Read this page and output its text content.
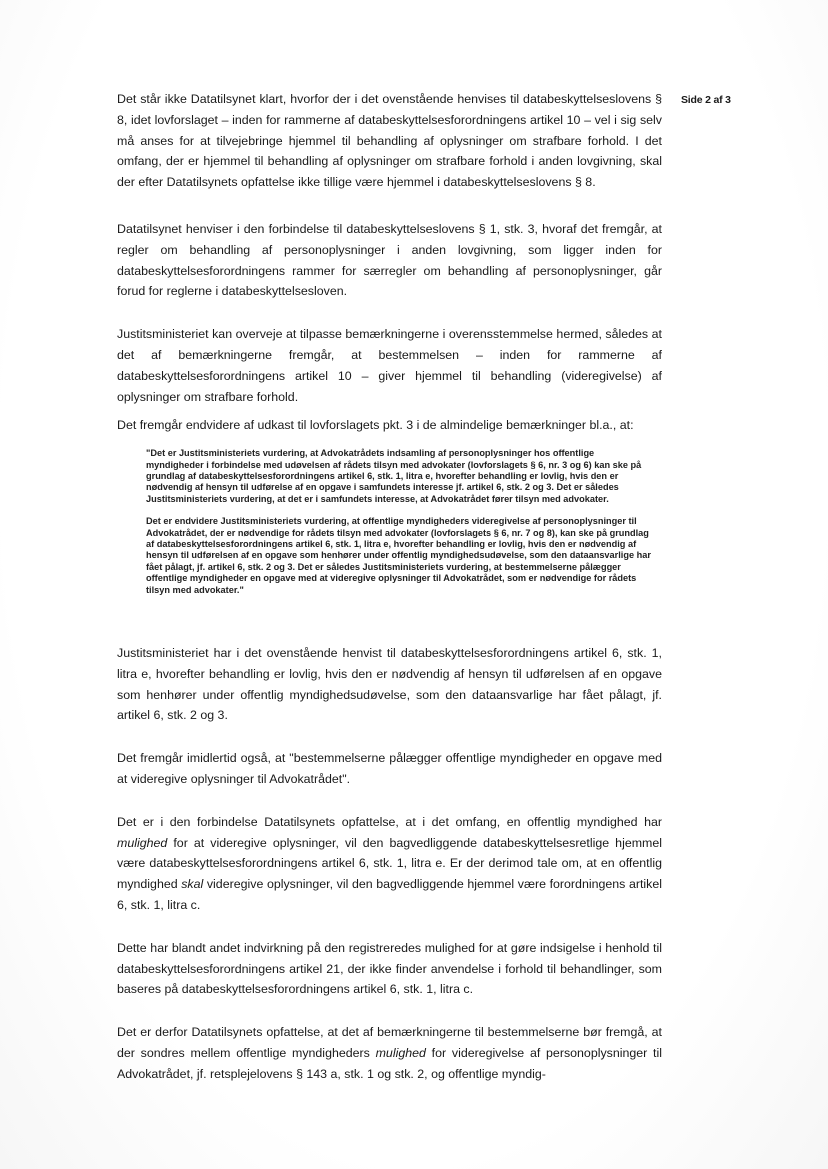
Side 2 af 3

Det står ikke Datatilsynet klart, hvorfor der i det ovenstående henvises til databeskyttelseslovens § 8, idet lovforslaget – inden for rammerne af databeskyttelsesforordningens artikel 10 – vel i sig selv må anses for at tilvejebringe hjemmel til behandling af oplysninger om strafbare forhold. I det omfang, der er hjemmel til behandling af oplysninger om strafbare forhold i anden lovgivning, skal der efter Datatilsynets opfattelse ikke tillige være hjemmel i databeskyttelseslovens § 8.

Datatilsynet henviser i den forbindelse til databeskyttelseslovens § 1, stk. 3, hvoraf det fremgår, at regler om behandling af personoplysninger i anden lovgivning, som ligger inden for databeskyttelsesforordningens rammer for særregler om behandling af personoplysninger, går forud for reglerne i databeskyttelsesloven.

Justitsministeriet kan overveje at tilpasse bemærkningerne i overensstemmelse hermed, således at det af bemærkningerne fremgår, at bestemmelsen – inden for rammerne af databeskyttelsesforordningens artikel 10 – giver hjemmel til behandling (videregivelse) af oplysninger om strafbare forhold.

Det fremgår endvidere af udkast til lovforslagets pkt. 3 i de almindelige bemærkninger bl.a., at:

"Det er Justitsministeriets vurdering, at Advokatrådets indsamling af personoplysninger hos offentlige myndigheder i forbindelse med udøvelsen af rådets tilsyn med advokater (lovforslagets § 6, nr. 3 og 6) kan ske på grundlag af databeskyttelsesforordningens artikel 6, stk. 1, litra e, hvorefter behandling er lovlig, hvis den er nødvendig af hensyn til udførelse af en opgave i samfundets interesse jf. artikel 6, stk. 2 og 3. Det er således Justitsministeriets vurdering, at det er i samfundets interesse, at Advokatrådet fører tilsyn med advokater.

Det er endvidere Justitsministeriets vurdering, at offentlige myndigheders videregivelse af personoplysninger til Advokatrådet, der er nødvendige for rådets tilsyn med advokater (lovforslagets § 6, nr. 7 og 8), kan ske på grundlag af databeskyttelsesforordningens artikel 6, stk. 1, litra e, hvorefter behandling er lovlig, hvis den er nødvendig af hensyn til udførelsen af en opgave som henhører under offentlig myndighedsudøvelse, som den dataansvarlige har fået pålagt, jf. artikel 6, stk. 2 og 3. Det er således Justitsministeriets vurdering, at bestemmelserne pålægger offentlige myndigheder en opgave med at videregive oplysninger til Advokatrådet, som er nødvendige for rådets tilsyn med advokater."

Justitsministeriet har i det ovenstående henvist til databeskyttelsesforordningens artikel 6, stk. 1, litra e, hvorefter behandling er lovlig, hvis den er nødvendig af hensyn til udførelsen af en opgave som henhører under offentlig myndighedsudøvelse, som den dataansvarlige har fået pålagt, jf. artikel 6, stk. 2 og 3.

Det fremgår imidlertid også, at "bestemmelserne pålægger offentlige myndigheder en opgave med at videregive oplysninger til Advokatrådet".

Det er i den forbindelse Datatilsynets opfattelse, at i det omfang, en offentlig myndighed har mulighed for at videregive oplysninger, vil den bagvedliggende databeskyttelsesretlige hjemmel være databeskyttelsesforordningens artikel 6, stk. 1, litra e. Er der derimod tale om, at en offentlig myndighed skal videregive oplysninger, vil den bagvedliggende hjemmel være forordningens artikel 6, stk. 1, litra c.

Dette har blandt andet indvirkning på den registreredes mulighed for at gøre indsigelse i henhold til databeskyttelsesforordningens artikel 21, der ikke finder anvendelse i forhold til behandlinger, som baseres på databeskyttelsesforordningens artikel 6, stk. 1, litra c.

Det er derfor Datatilsynets opfattelse, at det af bemærkningerne til bestemmelserne bør fremgå, at der sondres mellem offentlige myndigheders mulighed for videregivelse af personoplysninger til Advokatrådet, jf. retsplejelovens § 143 a, stk. 1 og stk. 2, og offentlige myndig-
